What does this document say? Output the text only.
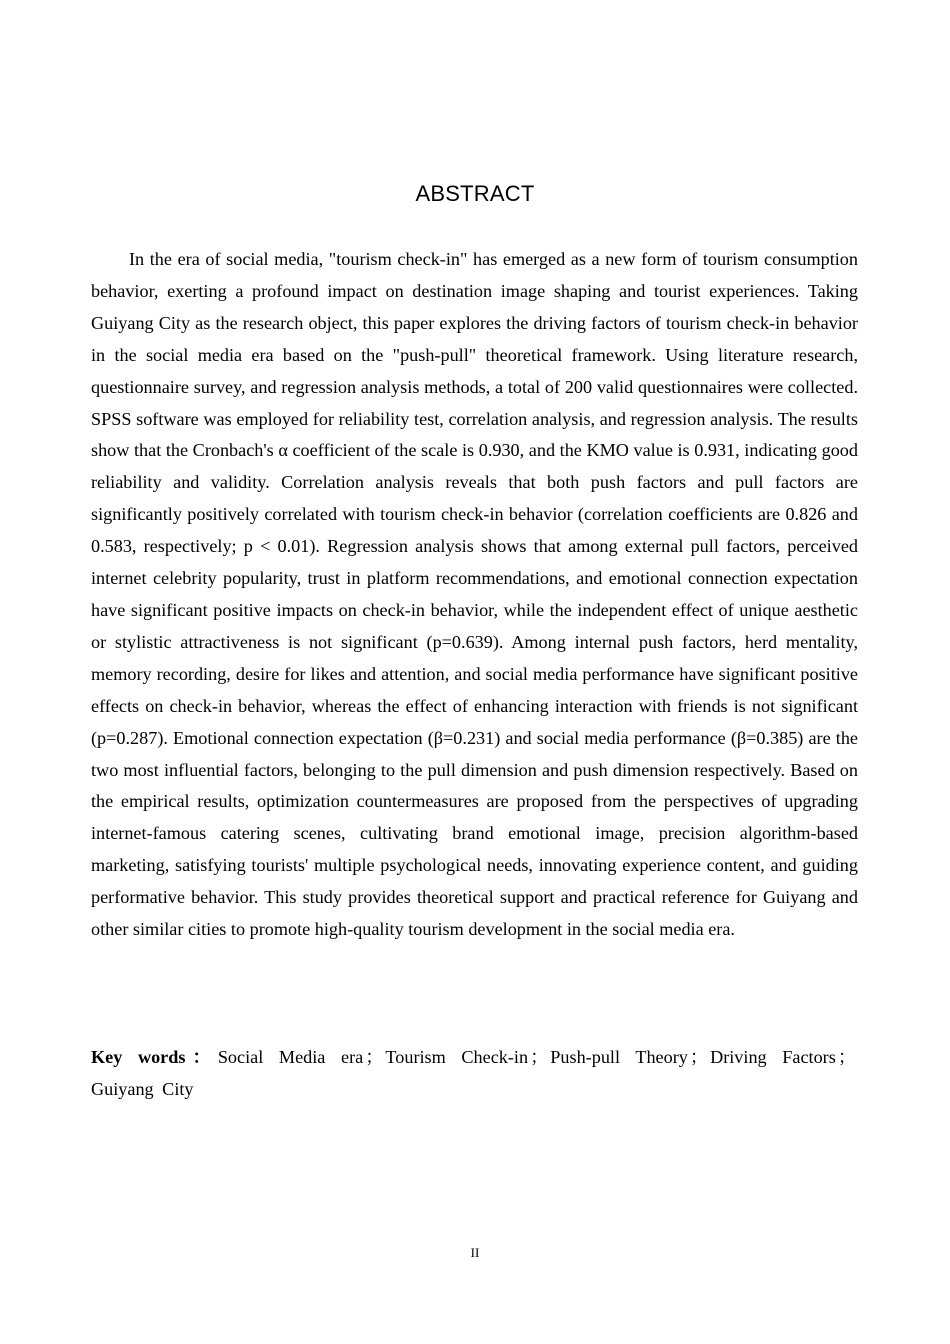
ABSTRACT

In the era of social media, "tourism check-in" has emerged as a new form of tourism consumption behavior, exerting a profound impact on destination image shaping and tourist experiences. Taking Guiyang City as the research object, this paper explores the driving factors of tourism check-in behavior in the social media era based on the "push-pull" theoretical framework. Using literature research, questionnaire survey, and regression analysis methods, a total of 200 valid questionnaires were collected. SPSS software was employed for reliability test, correlation analysis, and regression analysis. The results show that the Cronbach's α coefficient of the scale is 0.930, and the KMO value is 0.931, indicating good reliability and validity. Correlation analysis reveals that both push factors and pull factors are significantly positively correlated with tourism check-in behavior (correlation coefficients are 0.826 and 0.583, respectively; p < 0.01). Regression analysis shows that among external pull factors, perceived internet celebrity popularity, trust in platform recommendations, and emotional connection expectation have significant positive impacts on check-in behavior, while the independent effect of unique aesthetic or stylistic attractiveness is not significant (p=0.639). Among internal push factors, herd mentality, memory recording, desire for likes and attention, and social media performance have significant positive effects on check-in behavior, whereas the effect of enhancing interaction with friends is not significant (p=0.287). Emotional connection expectation (β=0.231) and social media performance (β=0.385) are the two most influential factors, belonging to the pull dimension and push dimension respectively. Based on the empirical results, optimization countermeasures are proposed from the perspectives of upgrading internet-famous catering scenes, cultivating brand emotional image, precision algorithm-based marketing, satisfying tourists' multiple psychological needs, innovating experience content, and guiding performative behavior. This study provides theoretical support and practical reference for Guiyang and other similar cities to promote high-quality tourism development in the social media era.

Key words：Social Media era ； Tourism Check-in ； Push-pull Theory ； Driving Factors ；Guiyang City

II
